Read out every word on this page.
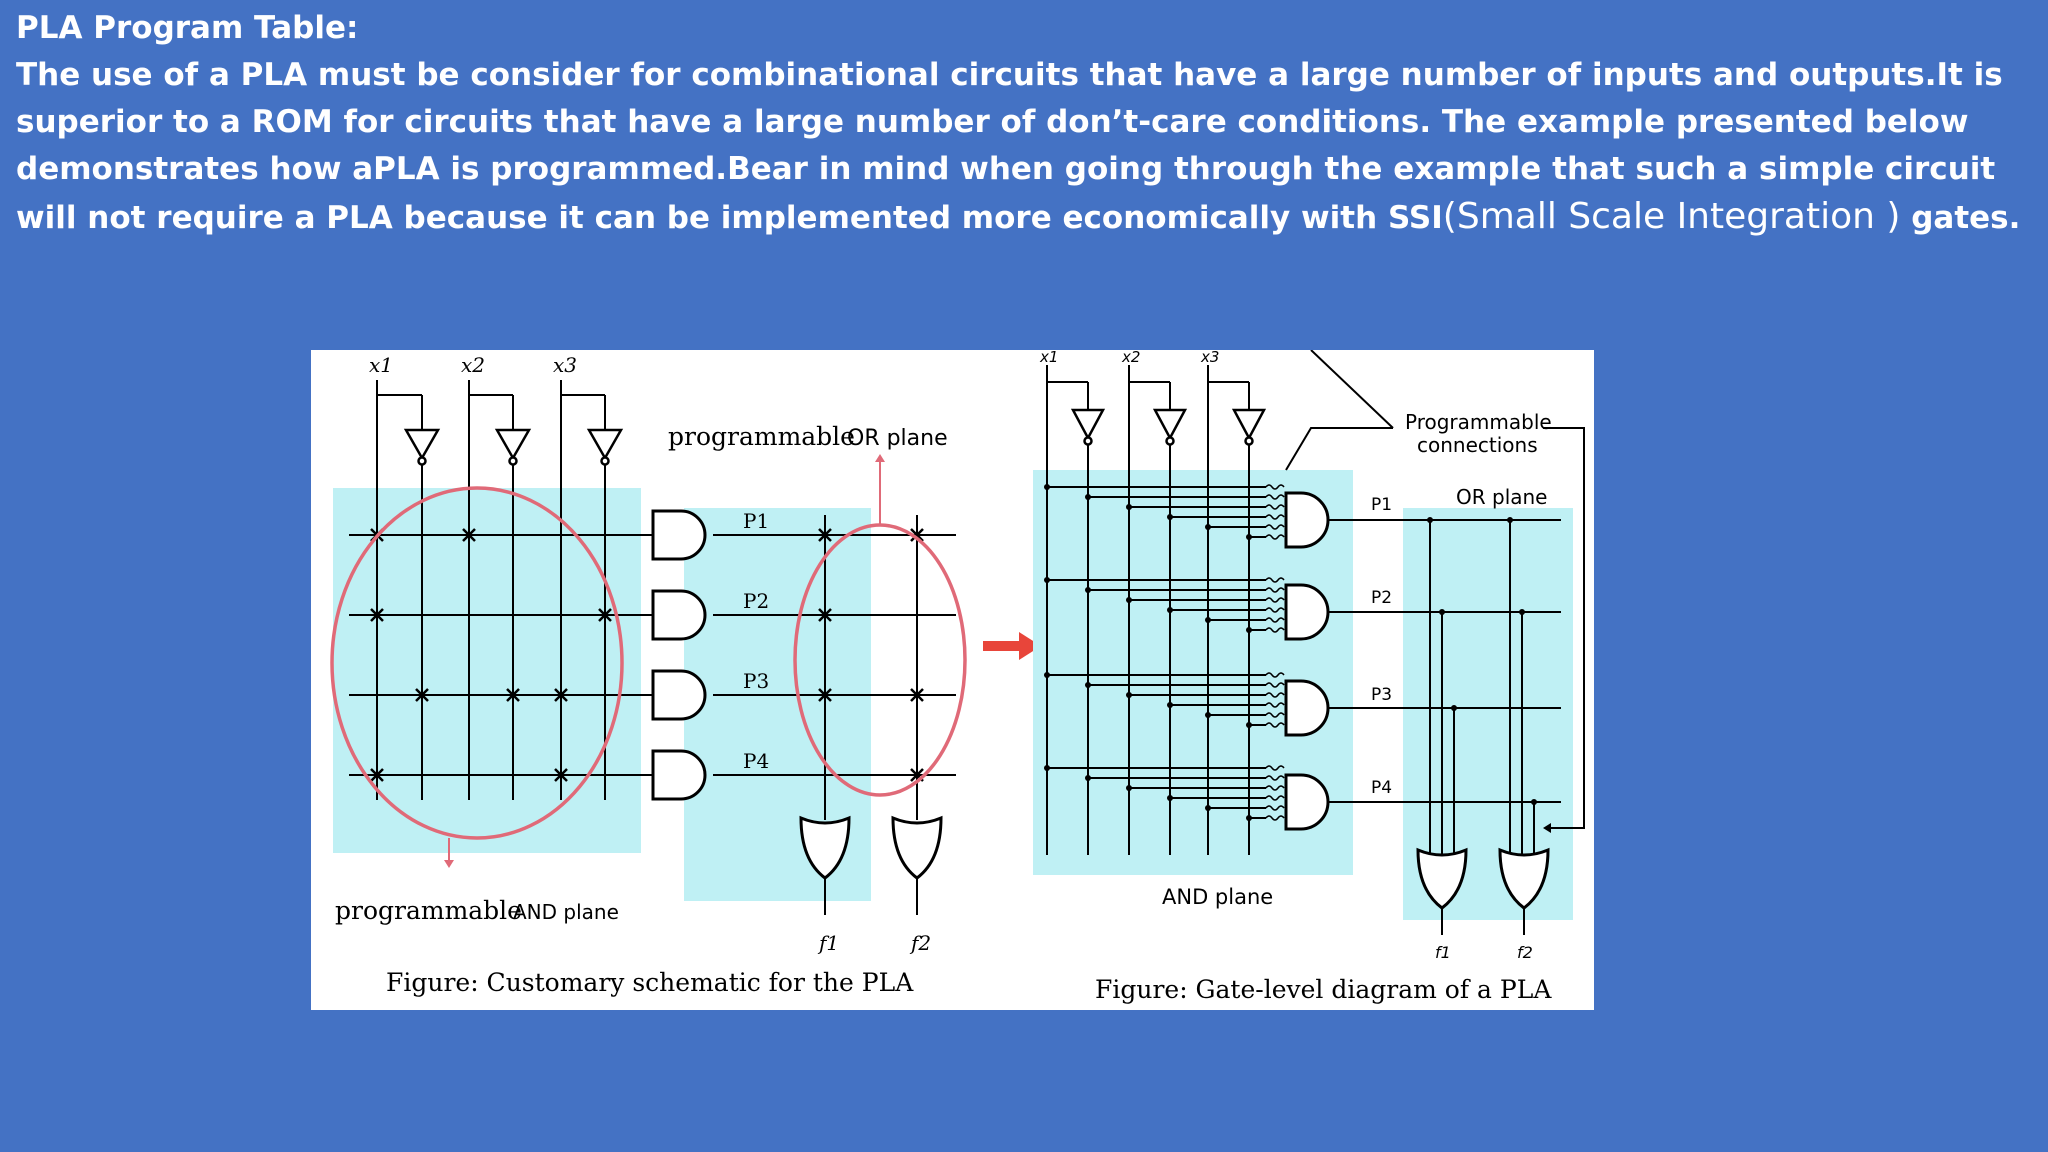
PLA Program Table:
The use of a PLA must be consider for combinational circuits that have a large number of inputs and outputs.It is superior to a ROM for circuits that have a large number of don’t-care conditions. The example presented below demonstrates how aPLA is programmed.Bear in mind when going through the example that such a simple circuit will not require a PLA because it can be implemented more economically with SSI(Small Scale Integration ) gates.
x1	x2	x3
P1
P2
P3
P4
f1	f2
programmable
OR plane
programmable
AND plane
Figure: Customary schematic for the PLA
x1	x2	x3
Programmable
connections
OR plane
P1
P2
P3
P4
AND plane
f1	f2
Figure: Gate-level diagram of a PLA
